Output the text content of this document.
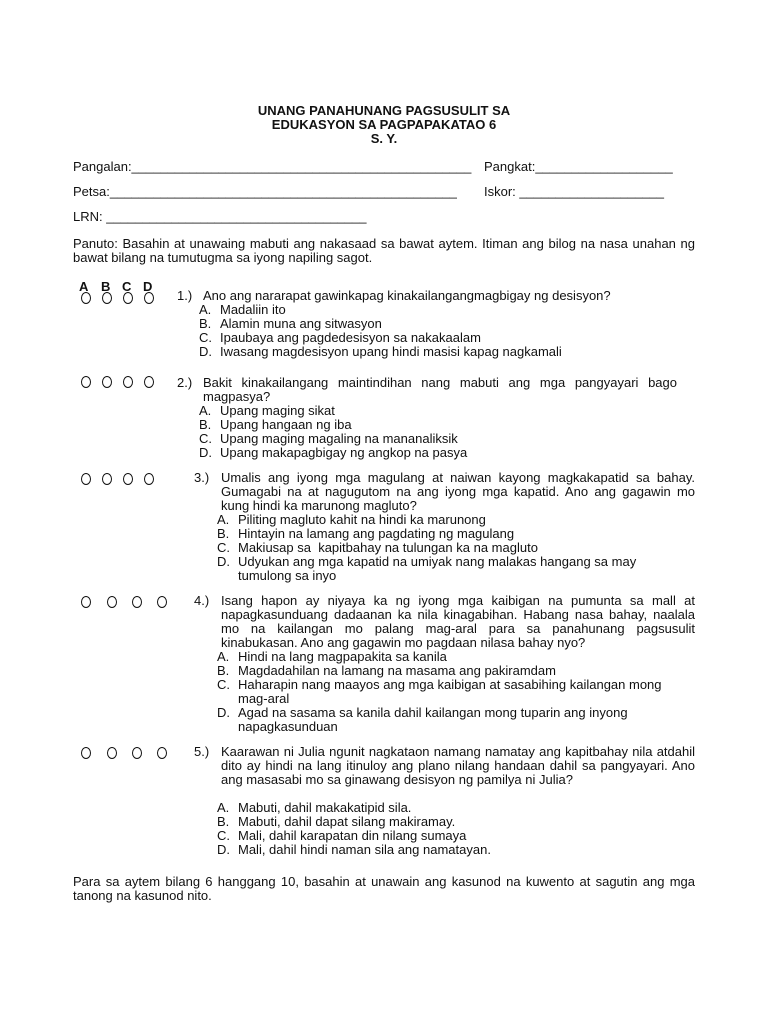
UNANG PANAHUNANG PAGSUSULIT SA
EDUKASYON SA PAGPAPAKATAO 6
S. Y.
Pangalan:_______________________________________________ Pangkat:___________________
Petsa:________________________________________________ Iskor: ____________________
LRN: ____________________________________
Panuto: Basahin at unawaing mabuti ang nakasaad sa bawat aytem. Itiman ang bilog na nasa unahan ng bawat bilang na tumutugma sa iyong napiling sagot.
A B C D
1.) Ano ang nararapat gawinkapag kinakailangangmagbigay ng desisyon?
A. Madaliin ito
B. Alamin muna ang sitwasyon
C. Ipaubaya ang pagdedesisyon sa nakakaalam
D. Iwasang magdesisyon upang hindi masisi kapag nagkamali
2.) Bakit kinakailangang maintindihan nang mabuti ang mga pangyayari bago magpasya?
A. Upang maging sikat
B. Upang hangaan ng iba
C. Upang maging magaling na mananaliksik
D. Upang makapagbigay ng angkop na pasya
3.) Umalis ang iyong mga magulang at naiwan kayong magkakapatid sa bahay. Gumagabi na at nagugutom na ang iyong mga kapatid. Ano ang gagawin mo kung hindi ka marunong magluto?
A. Piliting magluto kahit na hindi ka marunong
B. Hintayin na lamang ang pagdating ng magulang
C. Makiusap sa  kapitbahay na tulungan ka na magluto
D. Udyukan ang mga kapatid na umiyak nang malakas hangang sa may tumulong sa inyo
4.) Isang hapon ay niyaya ka ng iyong mga kaibigan na pumunta sa mall at napagkasunduang dadaanan ka nila kinagabihan. Habang nasa bahay, naalala mo na kailangan mo palang mag-aral para sa panahunang pagsusulit kinabukasan. Ano ang gagawin mo pagdaan nilasa bahay nyo?
A. Hindi na lang magpapakita sa kanila
B. Magdadahilan na lamang na masama ang pakiramdam
C. Haharapin nang maayos ang mga kaibigan at sasabihing kailangan mong mag-aral
D. Agad na sasama sa kanila dahil kailangan mong tuparin ang inyong napagkasunduan
5.) Kaarawan ni Julia ngunit nagkataon namang namatay ang kapitbahay nila atdahil dito ay hindi na lang itinuloy ang plano nilang handaan dahil sa pangyayari. Ano ang masasabi mo sa ginawang desisyon ng pamilya ni Julia?
A. Mabuti, dahil makakatipid sila.
B. Mabuti, dahil dapat silang makiramay.
C. Mali, dahil karapatan din nilang sumaya
D. Mali, dahil hindi naman sila ang namatayan.
Para sa aytem bilang 6 hanggang 10, basahin at unawain ang kasunod na kuwento at sagutin ang mga tanong na kasunod nito.
